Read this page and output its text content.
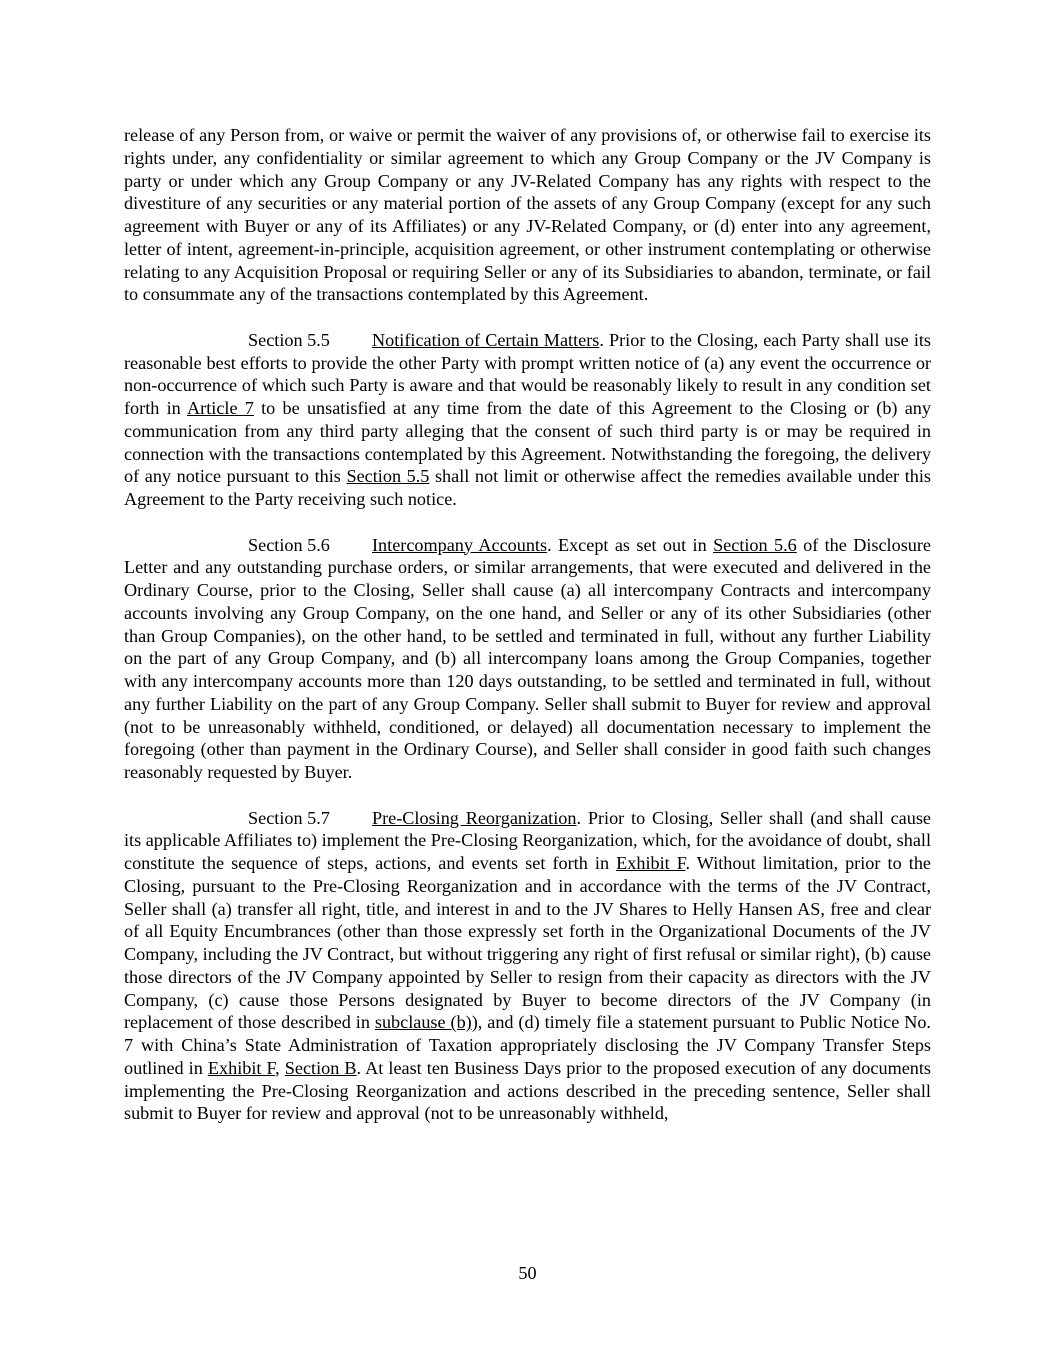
release of any Person from, or waive or permit the waiver of any provisions of, or otherwise fail to exercise its rights under, any confidentiality or similar agreement to which any Group Company or the JV Company is party or under which any Group Company or any JV-Related Company has any rights with respect to the divestiture of any securities or any material portion of the assets of any Group Company (except for any such agreement with Buyer or any of its Affiliates) or any JV-Related Company, or (d) enter into any agreement, letter of intent, agreement-in-principle, acquisition agreement, or other instrument contemplating or otherwise relating to any Acquisition Proposal or requiring Seller or any of its Subsidiaries to abandon, terminate, or fail to consummate any of the transactions contemplated by this Agreement.

Section 5.5 Notification of Certain Matters. Prior to the Closing, each Party shall use its reasonable best efforts to provide the other Party with prompt written notice of (a) any event the occurrence or non-occurrence of which such Party is aware and that would be reasonably likely to result in any condition set forth in Article 7 to be unsatisfied at any time from the date of this Agreement to the Closing or (b) any communication from any third party alleging that the consent of such third party is or may be required in connection with the transactions contemplated by this Agreement. Notwithstanding the foregoing, the delivery of any notice pursuant to this Section 5.5 shall not limit or otherwise affect the remedies available under this Agreement to the Party receiving such notice.

Section 5.6 Intercompany Accounts. Except as set out in Section 5.6 of the Disclosure Letter and any outstanding purchase orders, or similar arrangements, that were executed and delivered in the Ordinary Course, prior to the Closing, Seller shall cause (a) all intercompany Contracts and intercompany accounts involving any Group Company, on the one hand, and Seller or any of its other Subsidiaries (other than Group Companies), on the other hand, to be settled and terminated in full, without any further Liability on the part of any Group Company, and (b) all intercompany loans among the Group Companies, together with any intercompany accounts more than 120 days outstanding, to be settled and terminated in full, without any further Liability on the part of any Group Company. Seller shall submit to Buyer for review and approval (not to be unreasonably withheld, conditioned, or delayed) all documentation necessary to implement the foregoing (other than payment in the Ordinary Course), and Seller shall consider in good faith such changes reasonably requested by Buyer.

Section 5.7 Pre-Closing Reorganization. Prior to Closing, Seller shall (and shall cause its applicable Affiliates to) implement the Pre-Closing Reorganization, which, for the avoidance of doubt, shall constitute the sequence of steps, actions, and events set forth in Exhibit F. Without limitation, prior to the Closing, pursuant to the Pre-Closing Reorganization and in accordance with the terms of the JV Contract, Seller shall (a) transfer all right, title, and interest in and to the JV Shares to Helly Hansen AS, free and clear of all Equity Encumbrances (other than those expressly set forth in the Organizational Documents of the JV Company, including the JV Contract, but without triggering any right of first refusal or similar right), (b) cause those directors of the JV Company appointed by Seller to resign from their capacity as directors with the JV Company, (c) cause those Persons designated by Buyer to become directors of the JV Company (in replacement of those described in subclause (b)), and (d) timely file a statement pursuant to Public Notice No. 7 with China’s State Administration of Taxation appropriately disclosing the JV Company Transfer Steps outlined in Exhibit F, Section B. At least ten Business Days prior to the proposed execution of any documents implementing the Pre-Closing Reorganization and actions described in the preceding sentence, Seller shall submit to Buyer for review and approval (not to be unreasonably withheld,

50
